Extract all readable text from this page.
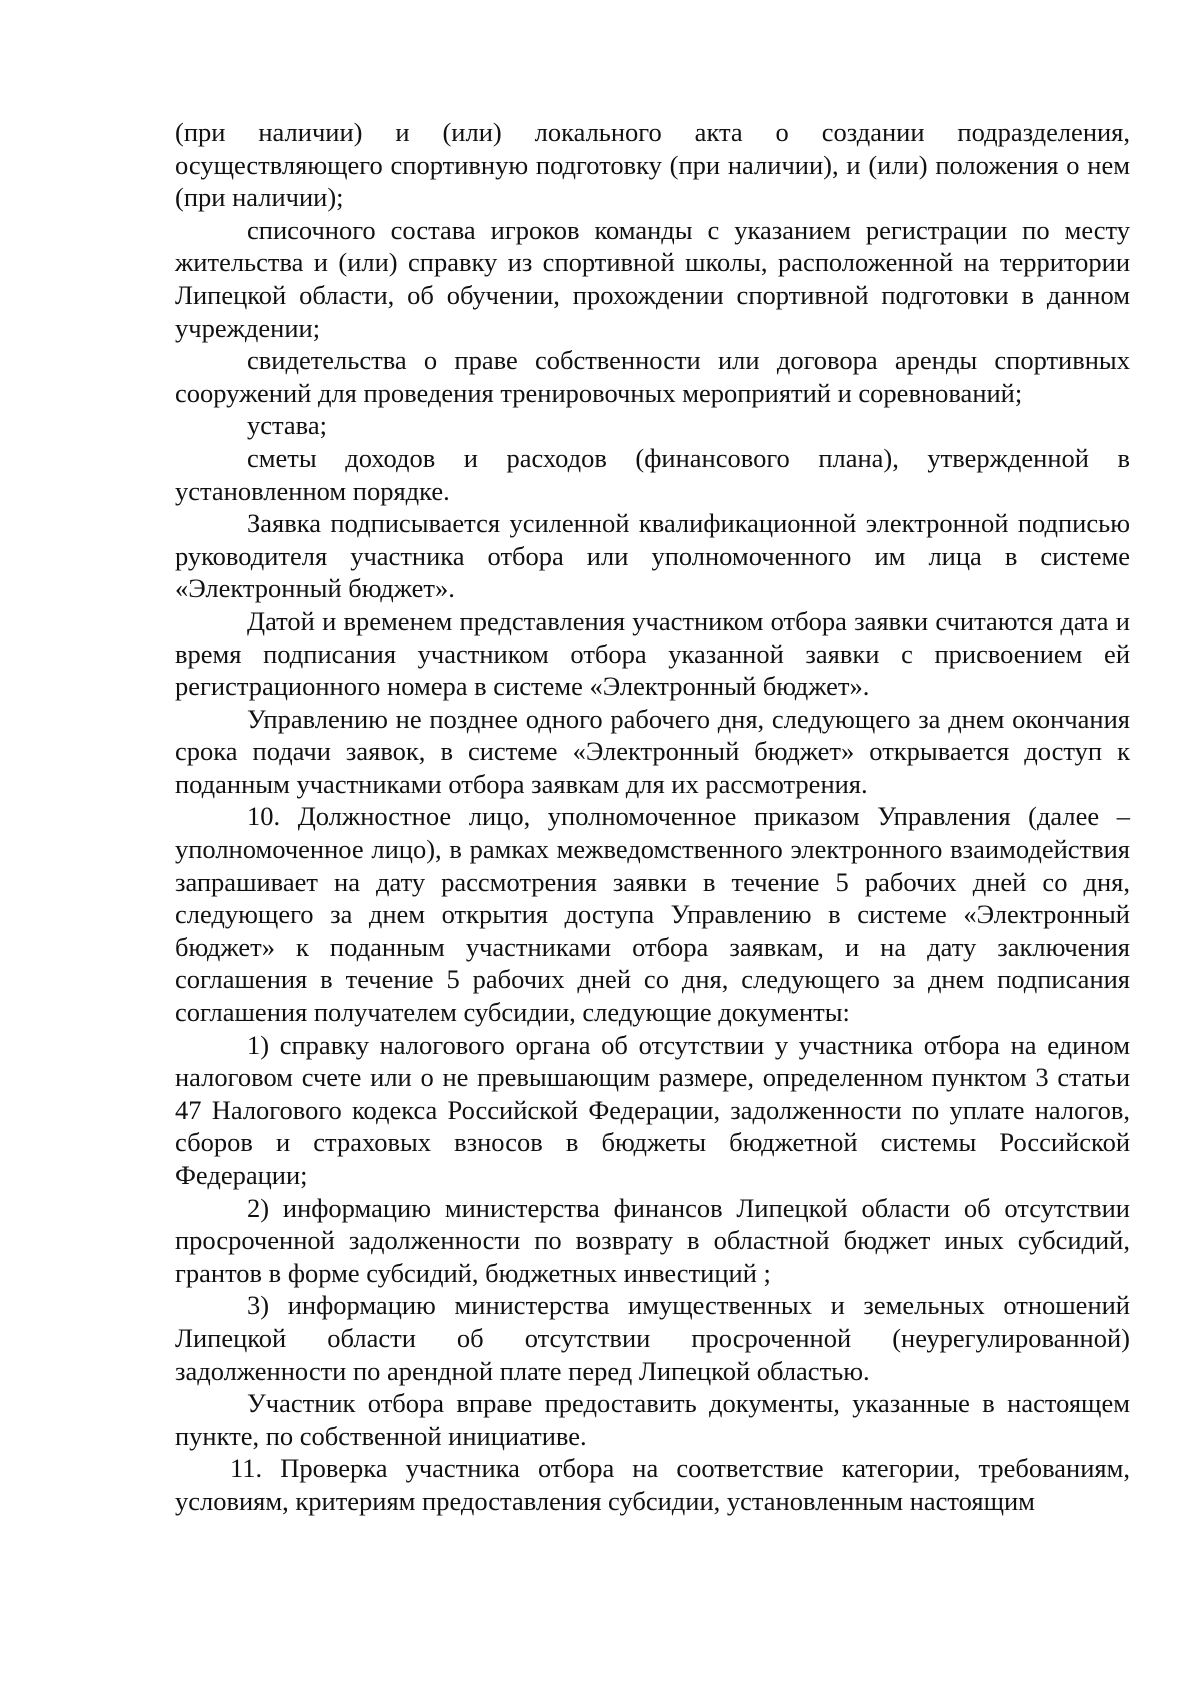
(при наличии) и (или) локального акта о создании подразделения, осуществляющего спортивную подготовку (при наличии), и (или) положения о нем (при наличии);

списочного состава игроков команды с указанием регистрации по месту жительства и (или) справку из спортивной школы, расположенной на территории Липецкой области, об обучении, прохождении спортивной подготовки в данном учреждении;

свидетельства о праве собственности или договора аренды спортивных сооружений для проведения тренировочных мероприятий и соревнований;

устава;

сметы доходов и расходов (финансового плана), утвержденной в установленном порядке.

Заявка подписывается усиленной квалификационной электронной подписью руководителя участника отбора или уполномоченного им лица в системе «Электронный бюджет».

Датой и временем представления участником отбора заявки считаются дата и время подписания участником отбора указанной заявки с присвоением ей регистрационного номера в системе «Электронный бюджет».

Управлению не позднее одного рабочего дня, следующего за днем окончания срока подачи заявок, в системе «Электронный бюджет» открывается доступ к поданным участниками отбора заявкам для их рассмотрения.

10. Должностное лицо, уполномоченное приказом Управления (далее – уполномоченное лицо), в рамках межведомственного электронного взаимодействия запрашивает на дату рассмотрения заявки в течение 5 рабочих дней со дня, следующего за днем открытия доступа Управлению в системе «Электронный бюджет» к поданным участниками отбора заявкам, и на дату заключения соглашения в течение 5 рабочих дней со дня, следующего за днем подписания соглашения получателем субсидии, следующие документы:

1) справку налогового органа об отсутствии у участника отбора на едином налоговом счете или о не превышающим размере, определенном пунктом 3 статьи 47 Налогового кодекса Российской Федерации, задолженности по уплате налогов, сборов и страховых взносов в бюджеты бюджетной системы Российской Федерации;

2) информацию министерства финансов Липецкой области об отсутствии просроченной задолженности по возврату в областной бюджет иных субсидий, грантов в форме субсидий, бюджетных инвестиций ;

3) информацию министерства имущественных и земельных отношений Липецкой области об отсутствии просроченной (неурегулированной) задолженности по арендной плате перед Липецкой областью.

Участник отбора вправе предоставить документы, указанные в настоящем пункте, по собственной инициативе.

11. Проверка участника отбора на соответствие категории, требованиям, условиям, критериям предоставления субсидии, установленным настоящим
